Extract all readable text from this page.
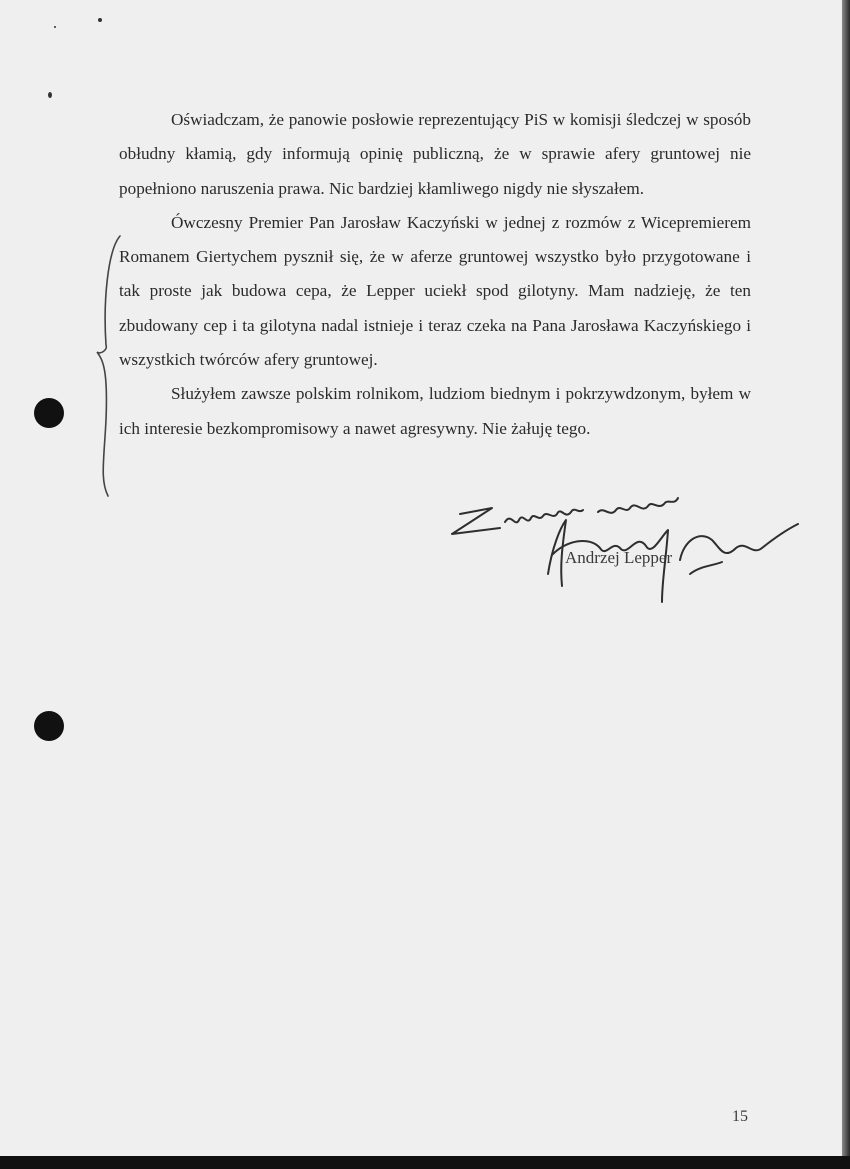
Oświadczam, że panowie posłowie reprezentujący PiS w komisji śledczej w sposób obłudny kłamią, gdy informują opinię publiczną, że w sprawie afery gruntowej nie popełniono naruszenia prawa. Nic bardziej kłamliwego nigdy nie słyszałem.

Ówczesny Premier Pan Jarosław Kaczyński w jednej z rozmów z Wicepremierem Romanem Giertychem pysznił się, że w aferze gruntowej wszystko było przygotowane i tak proste jak budowa cepa, że Lepper uciekł spod gilotyny. Mam nadzieję, że ten zbudowany cep i ta gilotyna nadal istnieje i teraz czeka na Pana Jarosława Kaczyńskiego i wszystkich twórców afery gruntowej.

Służyłem zawsze polskim rolnikom, ludziom biednym i pokrzywdzonym, byłem w ich interesie bezkompromisowy a nawet agresywny. Nie żałuję tego.

Andrzej Lepper
15
